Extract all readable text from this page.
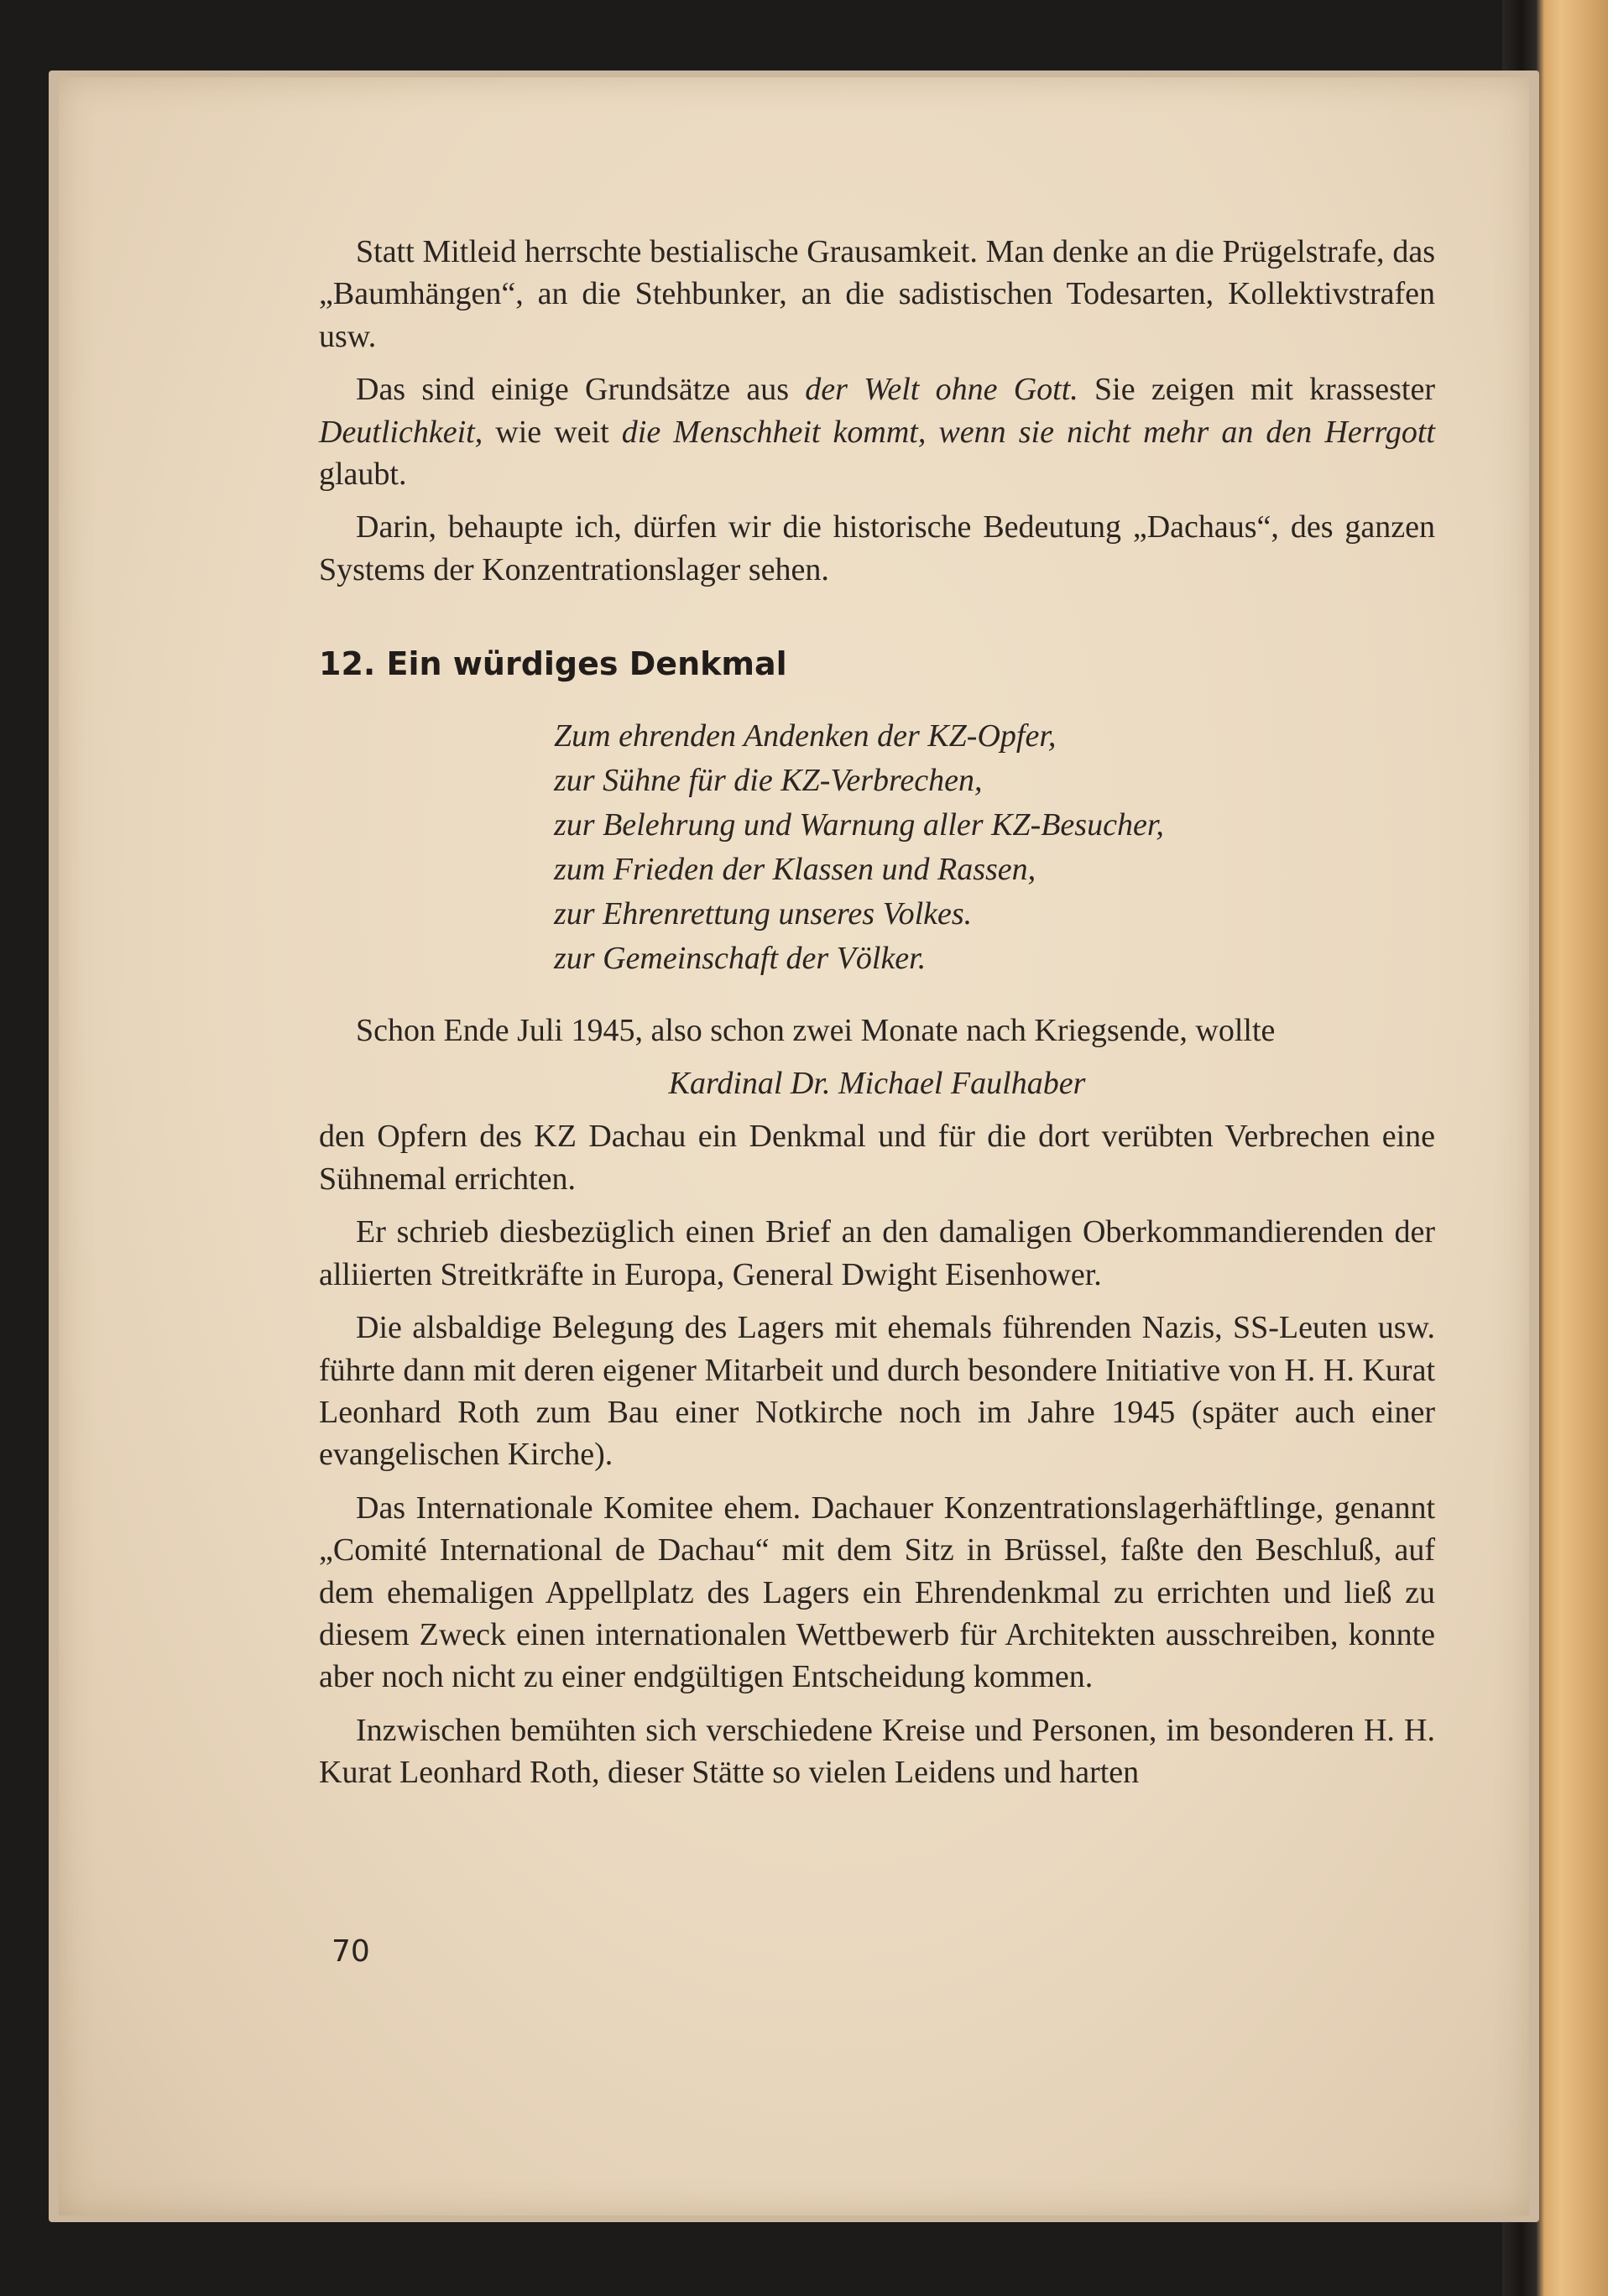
Statt Mitleid herrschte bestialische Grausamkeit. Man denke an die Prügelstrafe, das „Baumhängen“, an die Stehbunker, an die sadistischen Todesarten, Kollektivstrafen usw.

Das sind einige Grundsätze aus der Welt ohne Gott. Sie zeigen mit krassester Deutlichkeit, wie weit die Menschheit kommt, wenn sie nicht mehr an den Herrgott glaubt.

Darin, behaupte ich, dürfen wir die historische Bedeutung „Dachaus“, des ganzen Systems der Konzentrationslager sehen.

12. Ein würdiges Denkmal
Zum ehrenden Andenken der KZ-Opfer,
zur Sühne für die KZ-Verbrechen,
zur Belehrung und Warnung aller KZ-Besucher,
zum Frieden der Klassen und Rassen,
zur Ehrenrettung unseres Volkes.
zur Gemeinschaft der Völker.

Schon Ende Juli 1945, also schon zwei Monate nach Kriegsende, wollte

Kardinal Dr. Michael Faulhaber

den Opfern des KZ Dachau ein Denkmal und für die dort verübten Verbrechen eine Sühnemal errichten.

Er schrieb diesbezüglich einen Brief an den damaligen Oberkommandierenden der alliierten Streitkräfte in Europa, General Dwight Eisenhower.

Die alsbaldige Belegung des Lagers mit ehemals führenden Nazis, SS-Leuten usw. führte dann mit deren eigener Mitarbeit und durch besondere Initiative von H. H. Kurat Leonhard Roth zum Bau einer Notkirche noch im Jahre 1945 (später auch einer evangelischen Kirche).

Das Internationale Komitee ehem. Dachauer Konzentrationslagerhäftlinge, genannt „Comité International de Dachau“ mit dem Sitz in Brüssel, faßte den Beschluß, auf dem ehemaligen Appellplatz des Lagers ein Ehrendenkmal zu errichten und ließ zu diesem Zweck einen internationalen Wettbewerb für Architekten ausschreiben, konnte aber noch nicht zu einer endgültigen Entscheidung kommen.

Inzwischen bemühten sich verschiedene Kreise und Personen, im besonderen H. H. Kurat Leonhard Roth, dieser Stätte so vielen Leidens und harten

70
